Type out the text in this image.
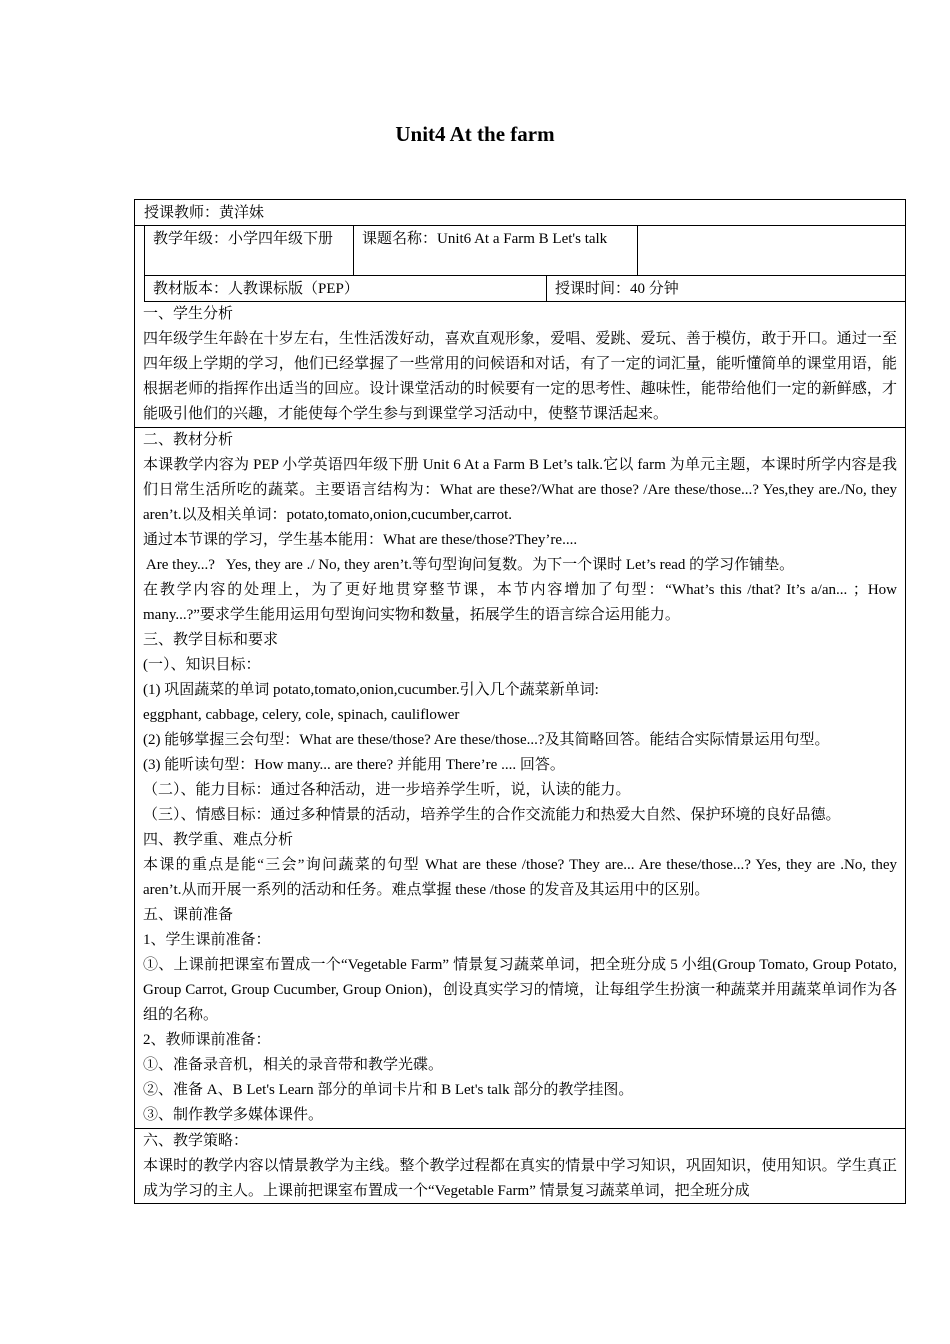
Unit4 At the farm
授课教师：黄洋妹
教学年级：小学四年级下册	课题名称：Unit6 At a Farm B Let's talk
教材版本：人教课标版（PEP）	授课时间：40 分钟

一、学生分析

四年级学生年龄在十岁左右，生性活泼好动，喜欢直观形象，爱唱、爱跳、爱玩、善于模仿，敢于开口。通过一至四年级上学期的学习，他们已经掌握了一些常用的问候语和对话，有了一定的词汇量，能听懂简单的课堂用语，能根据老师的指挥作出适当的回应。设计课堂活动的时候要有一定的思考性、趣味性，能带给他们一定的新鲜感，才能吸引他们的兴趣，才能使每个学生参与到课堂学习活动中，使整节课活起来。

二、教材分析

本课教学内容为 PEP 小学英语四年级下册 Unit 6 At a Farm B Let’s talk.它以 farm 为单元主题，本课时所学内容是我们日常生活所吃的蔬菜。主要语言结构为：What are these?/What are those? /Are these/those...? Yes,they are./No, they aren’t.以及相关单词：potato,tomato,onion,cucumber,carrot.

通过本节课的学习，学生基本能用：What are these/those?They’re....

Are they...?   Yes, they are ./ No, they aren’t.等句型询问复数。为下一个课时 Let’s read 的学习作铺垫。

在教学内容的处理上，为了更好地贯穿整节课，本节内容增加了句型：“What’s this /that? It’s a/an... ；How many...?”要求学生能用运用句型询问实物和数量，拓展学生的语言综合运用能力。

三、教学目标和要求

(一）、知识目标：

(1) 巩固蔬菜的单词 potato,tomato,onion,cucumber.引入几个蔬菜新单词:

eggphant, cabbage, celery, cole, spinach, cauliflower

(2) 能够掌握三会句型：What are these/those? Are these/those...?及其简略回答。能结合实际情景运用句型。

(3) 能听读句型：How many... are there? 并能用 There’re .... 回答。

（二）、能力目标：通过各种活动，进一步培养学生听，说，认读的能力。

（三）、情感目标：通过多种情景的活动，培养学生的合作交流能力和热爱大自然、保护环境的良好品德。

四、教学重、难点分析

本课的重点是能“三会”询问蔬菜的句型 What are these /those? They are... Are these/those...? Yes, they are .No, they aren’t.从而开展一系列的活动和任务。难点掌握 these /those 的发音及其运用中的区别。

五、课前准备

1、学生课前准备：

①、上课前把课室布置成一个“Vegetable Farm” 情景复习蔬菜单词，把全班分成 5 小组(Group Tomato, Group Potato, Group Carrot, Group Cucumber, Group Onion)，创设真实学习的情境，让每组学生扮演一种蔬菜并用蔬菜单词作为各组的名称。

2、教师课前准备：

①、准备录音机，相关的录音带和教学光碟。

②、准备 A、B Let's Learn 部分的单词卡片和 B Let's talk 部分的教学挂图。

③、制作教学多媒体课件。

六、教学策略：

本课时的教学内容以情景教学为主线。整个教学过程都在真实的情景中学习知识，巩固知识，使用知识。学生真正成为学习的主人。上课前把课室布置成一个“Vegetable Farm” 情景复习蔬菜单词，把全班分成
